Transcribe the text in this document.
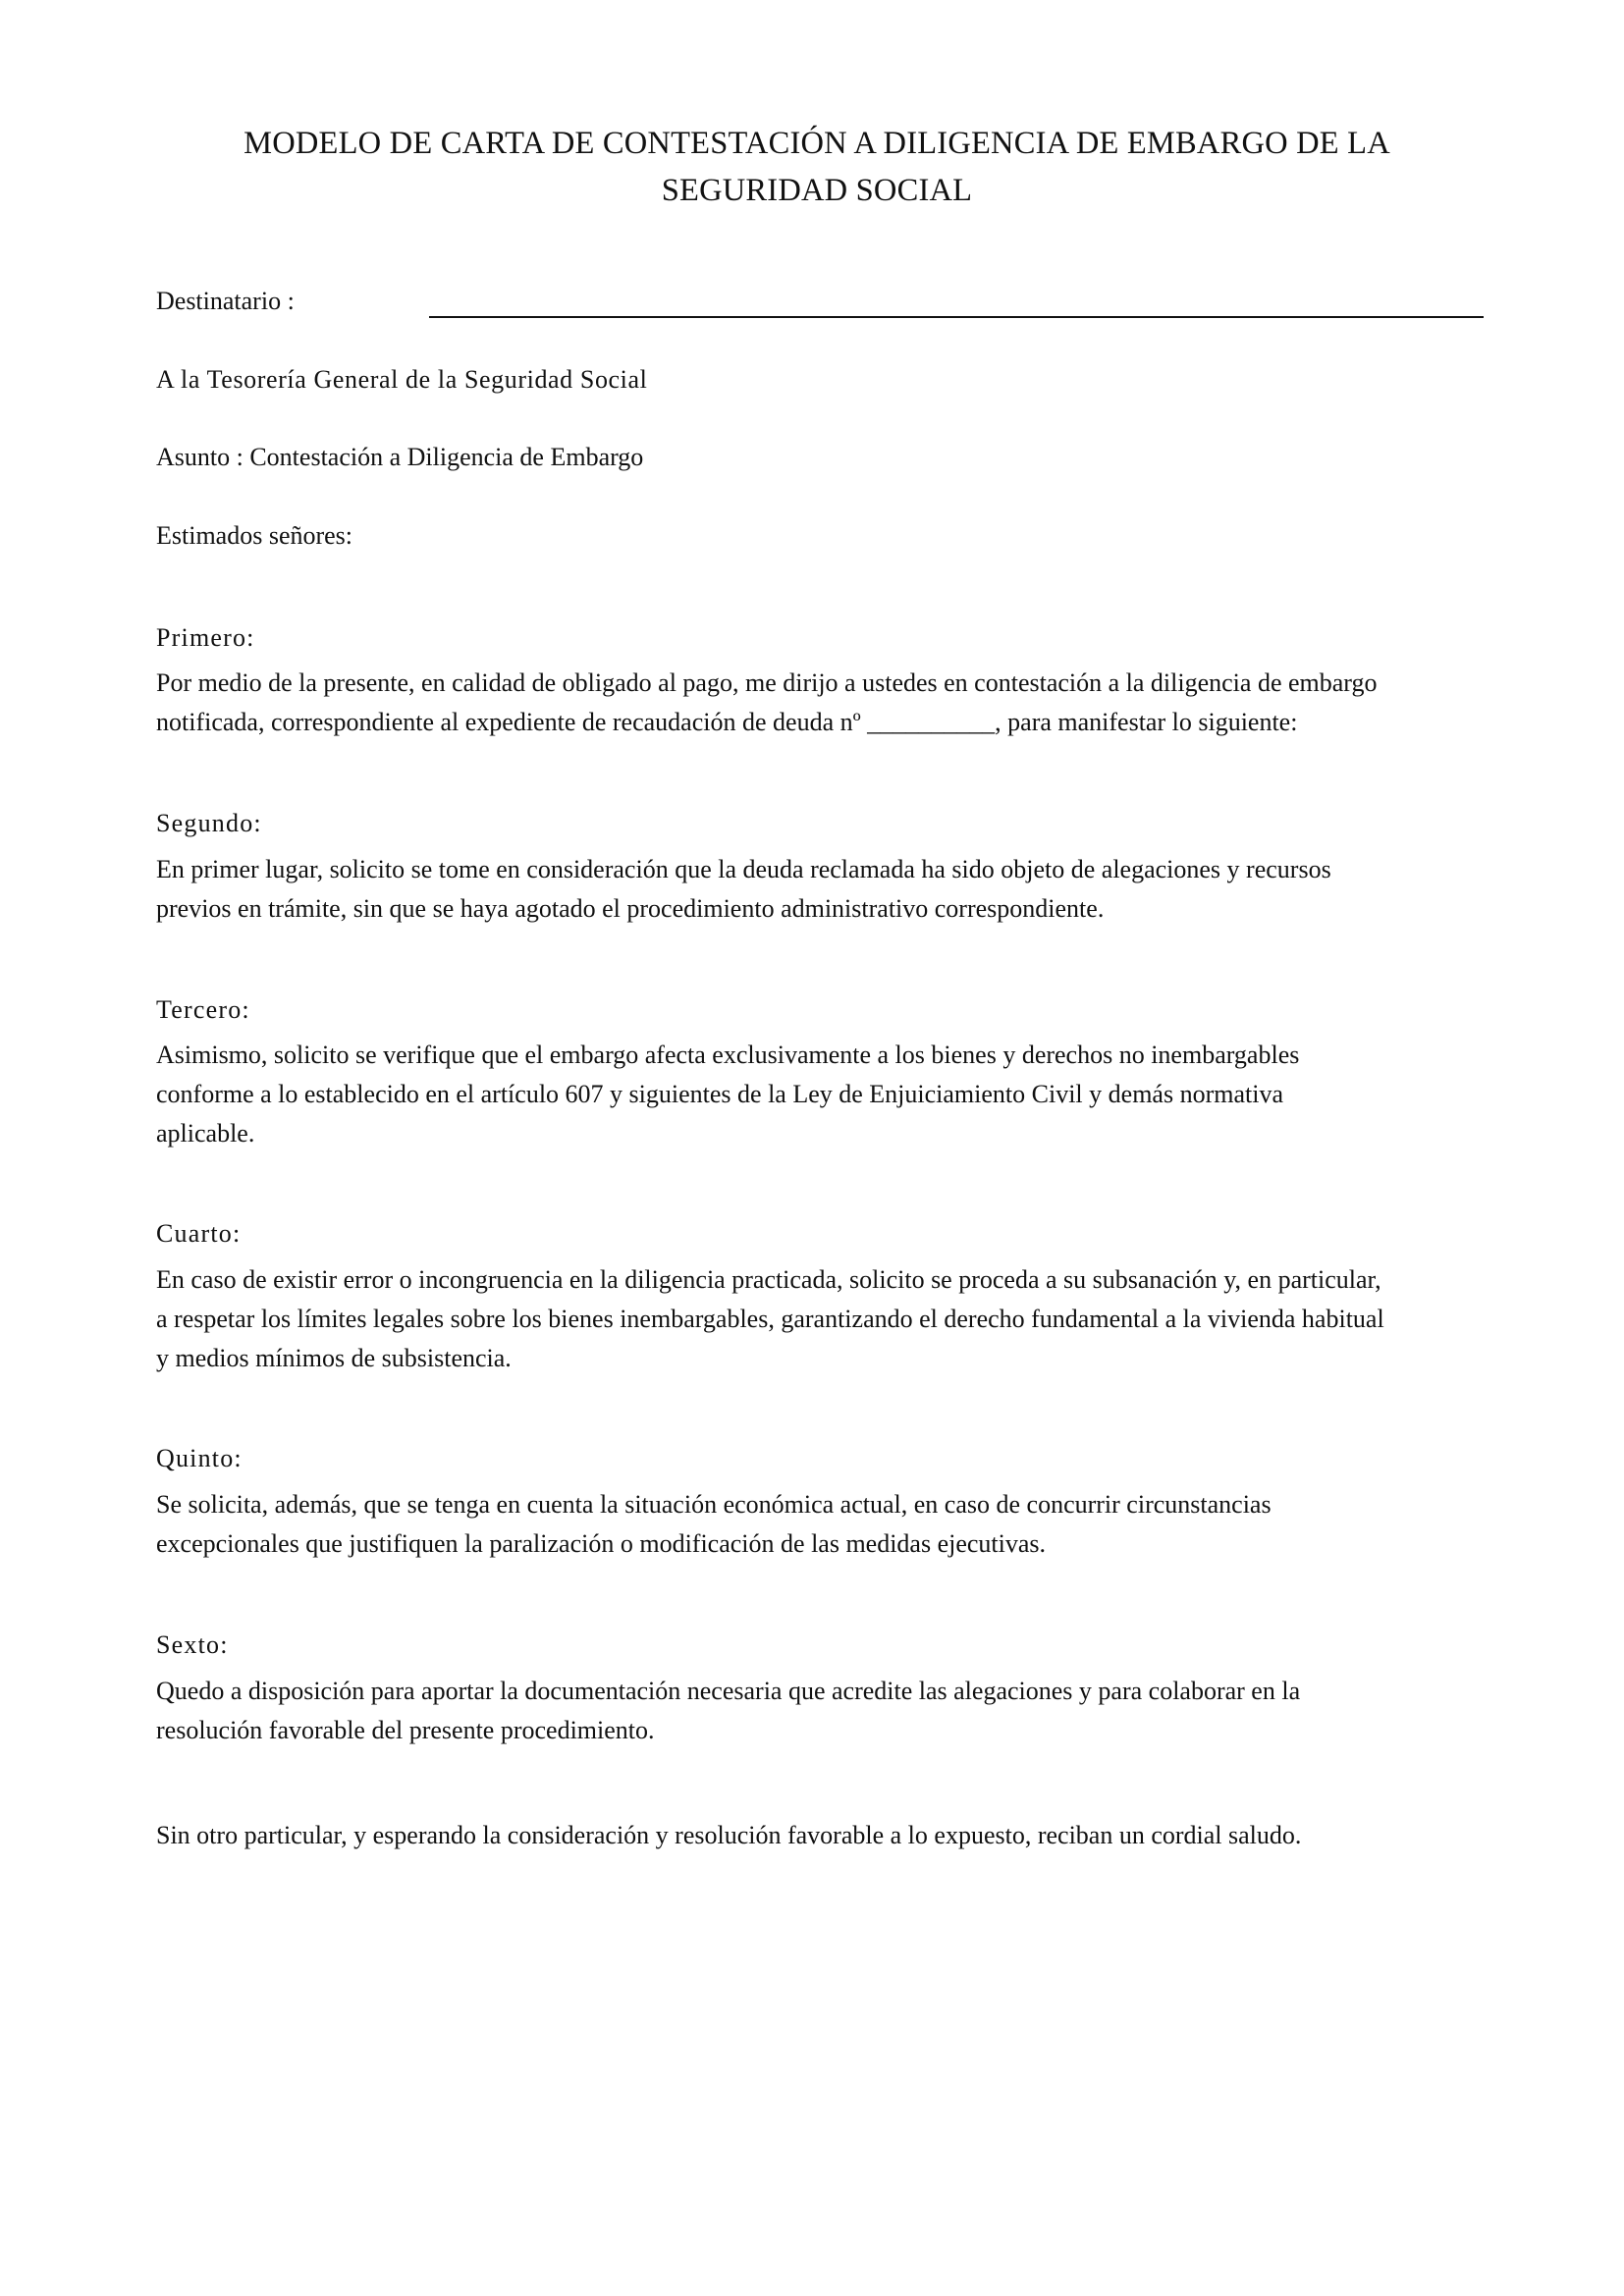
MODELO DE CARTA DE CONTESTACIÓN A DILIGENCIA DE EMBARGO DE LA
SEGURIDAD SOCIAL

Destinatario :

A la Tesorería General de la Seguridad Social

Asunto : Contestación a Diligencia de Embargo

Estimados señores:

Primero:

Por medio de la presente, en calidad de obligado al pago, me dirijo a ustedes en contestación a la diligencia de embargo
notificada, correspondiente al expediente de recaudación de deuda nº __________, para manifestar lo siguiente:

Segundo:

En primer lugar, solicito se tome en consideración que la deuda reclamada ha sido objeto de alegaciones y recursos
previos en trámite, sin que se haya agotado el procedimiento administrativo correspondiente.

Tercero:

Asimismo, solicito se verifique que el embargo afecta exclusivamente a los bienes y derechos no inembargables
conforme a lo establecido en el artículo 607 y siguientes de la Ley de Enjuiciamiento Civil y demás normativa
aplicable.

Cuarto:

En caso de existir error o incongruencia en la diligencia practicada, solicito se proceda a su subsanación y, en particular,
a respetar los límites legales sobre los bienes inembargables, garantizando el derecho fundamental a la vivienda habitual
y medios mínimos de subsistencia.

Quinto:

Se solicita, además, que se tenga en cuenta la situación económica actual, en caso de concurrir circunstancias
excepcionales que justifiquen la paralización o modificación de las medidas ejecutivas.

Sexto:

Quedo a disposición para aportar la documentación necesaria que acredite las alegaciones y para colaborar en la
resolución favorable del presente procedimiento.

Sin otro particular, y esperando la consideración y resolución favorable a lo expuesto, reciban un cordial saludo.
